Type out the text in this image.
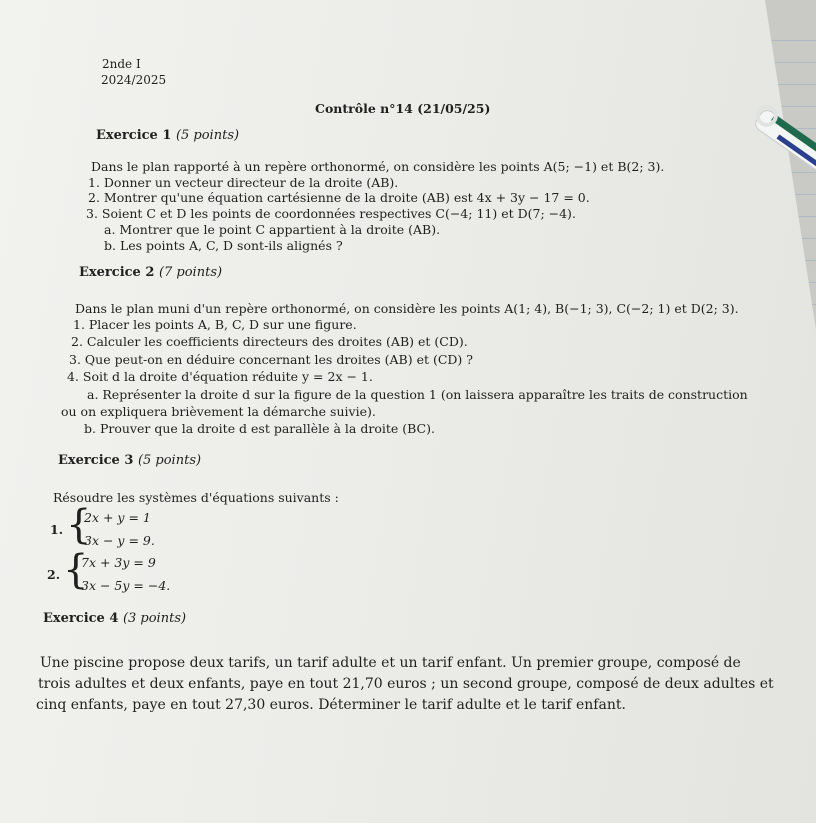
2nde I
2024/2025
Contrôle n°14 (21/05/25)
Exercice 1 (5 points)
Dans le plan rapporté à un repère orthonormé, on considère les points A(5; −1) et B(2; 3).
1. Donner un vecteur directeur de la droite (AB).
2. Montrer qu'une équation cartésienne de la droite (AB) est 4x + 3y − 17 = 0.
3. Soient C et D les points de coordonnées respectives C(−4; 11) et D(7; −4).
a. Montrer que le point C appartient à la droite (AB).
b. Les points A, C, D sont-ils alignés ?
Exercice 2 (7 points)
Dans le plan muni d'un repère orthonormé, on considère les points A(1; 4), B(−1; 3), C(−2; 1) et D(2; 3).
1. Placer les points A, B, C, D sur une figure.
2. Calculer les coefficients directeurs des droites (AB) et (CD).
3. Que peut-on en déduire concernant les droites (AB) et (CD) ?
4. Soit d la droite d'équation réduite y = 2x − 1.
a. Représenter la droite d sur la figure de la question 1 (on laissera apparaître les traits de construction
ou on expliquera brièvement la démarche suivie).
b. Prouver que la droite d est parallèle à la droite (BC).
Exercice 3 (5 points)
Résoudre les systèmes d'équations suivants :
1. {
2x + y = 1
3x − y = 9.
2. {
7x + 3y = 9
3x − 5y = −4.
Exercice 4 (3 points)
Une piscine propose deux tarifs, un tarif adulte et un tarif enfant. Un premier groupe, composé de
trois adultes et deux enfants, paye en tout 21,70 euros ; un second groupe, composé de deux adultes et
cinq enfants, paye en tout 27,30 euros. Déterminer le tarif adulte et le tarif enfant.
